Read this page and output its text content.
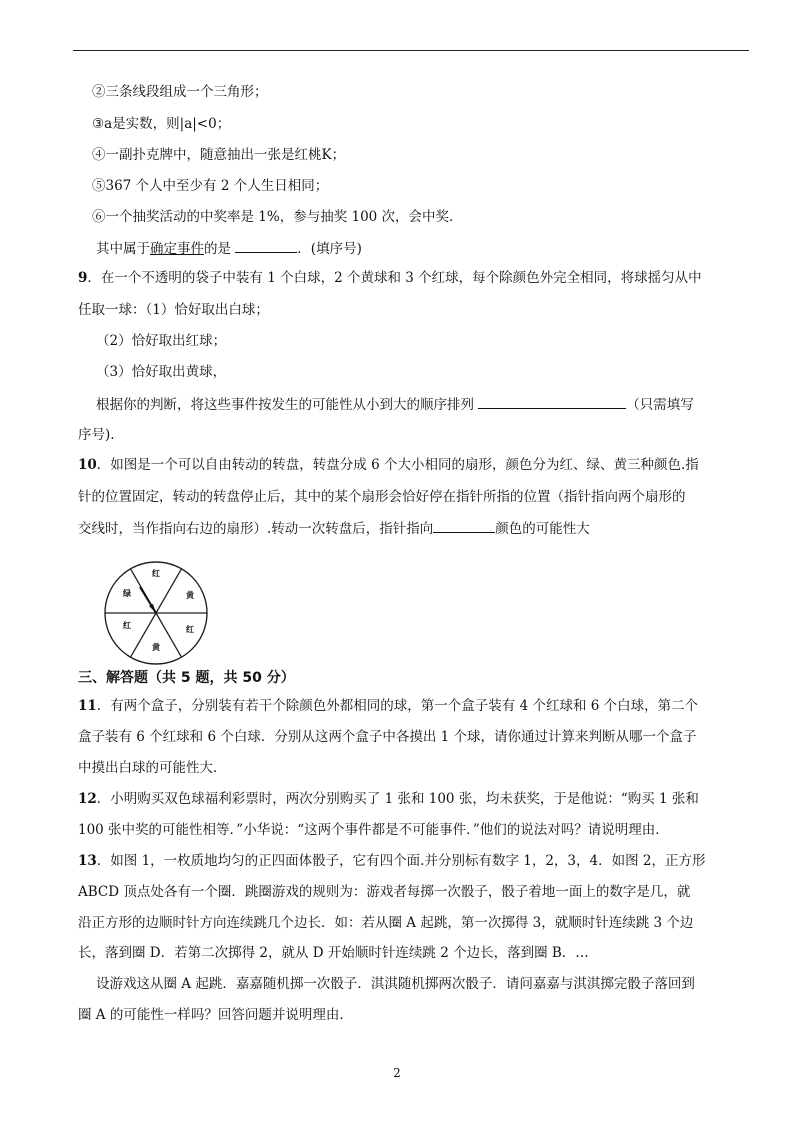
②三条线段组成一个三角形；
③a是实数，则|a|<0；
④一副扑克牌中，随意抽出一张是红桃K；
⑤367 个人中至少有 2 个人生日相同；
⑥一个抽奖活动的中奖率是 1%，参与抽奖 100 次，会中奖．
其中属于确定事件的是	．(填序号)
9．在一个不透明的袋子中装有 1 个白球，2 个黄球和 3 个红球，每个除颜色外完全相同，将球摇匀从中
任取一球：（1）恰好取出白球；
（2）恰好取出红球；
（3）恰好取出黄球，
根据你的判断，将这些事件按发生的可能性从小到大的顺序排列	（只需填写
序号).
10．如图是一个可以自由转动的转盘，转盘分成 6 个大小相同的扇形，颜色分为红、绿、黄三种颜色.指
针的位置固定，转动的转盘停止后，其中的某个扇形会恰好停在指针所指的位置（指针指向两个扇形的
交线时，当作指向右边的扇形）.转动一次转盘后，指针指向	颜色的可能性大
红
黄
红
黄
红
绿
三、解答题（共 5 题，共 50 分）
11．有两个盒子，分别装有若干个除颜色外都相同的球，第一个盒子装有 4 个红球和 6 个白球，第二个
盒子装有 6 个红球和 6 个白球．分别从这两个盒子中各摸出 1 个球，请你通过计算来判断从哪一个盒子
中摸出白球的可能性大．
12．小明购买双色球福利彩票时，两次分别购买了 1 张和 100 张，均未获奖，于是他说：“购买 1 张和
100 张中奖的可能性相等．”小华说：“这两个事件都是不可能事件．”他们的说法对吗？请说明理由．
13．如图 1，一枚质地均匀的正四面体骰子，它有四个面.并分别标有数字 1，2，3，4．如图 2，正方形
ABCD 顶点处各有一个圈．跳圈游戏的规则为：游戏者每掷一次骰子，骰子着地一面上的数字是几，就
沿正方形的边顺时针方向连续跳几个边长．如：若从圈 A 起跳，第一次掷得 3，就顺时针连续跳 3 个边
长，落到圈 D．若第二次掷得 2，就从 D 开始顺时针连续跳 2 个边长，落到圈 B．…
设游戏这从圈 A 起跳．嘉嘉随机掷一次骰子．淇淇随机掷两次骰子．请问嘉嘉与淇淇掷完骰子落回到
圈 A 的可能性一样吗？回答问题并说明理由．
2
